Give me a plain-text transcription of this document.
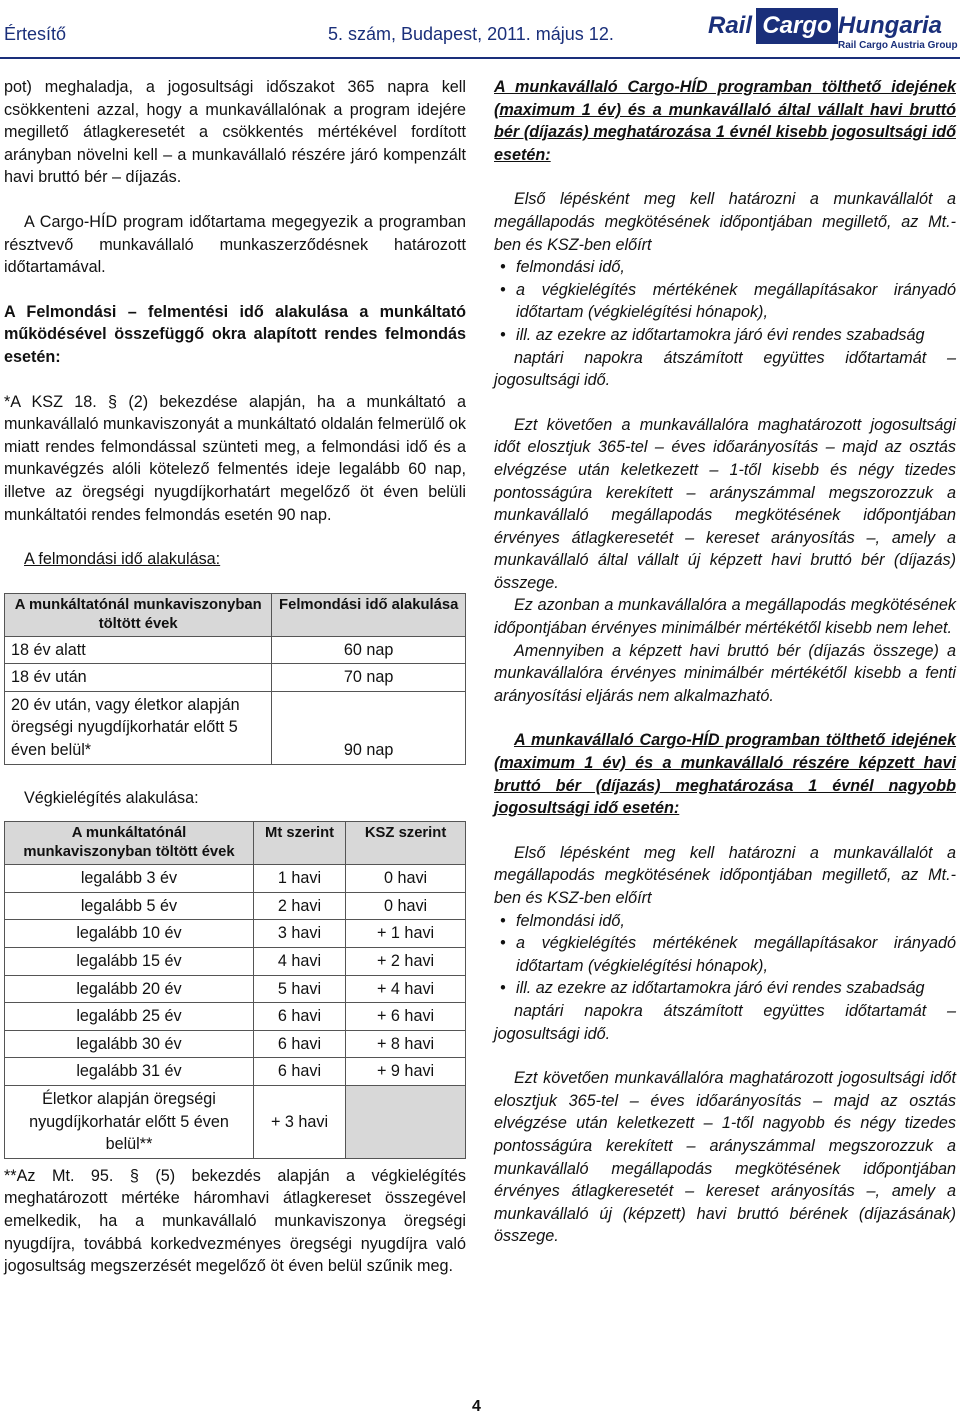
Értesítő	5. szám, Budapest, 2011. május 12.	Rail Cargo Hungaria
Rail Cargo Austria Group

pot) meghaladja, a jogosultsági időszakot 365 napra kell csökkenteni azzal, hogy a munkavállalónak a program idejére megillető átlagkeresetét a csökkentés mértékével fordított arányban növelni kell – a munkavállaló részére járó kompenzált havi bruttó bér – díjazás.

A Cargo-HÍD program időtartama megegyezik a programban résztvevő munkavállaló munkaszerződésnek határozott időtartamával.

A Felmondási – felmentési idő alakulása a munkáltató működésével összefüggő okra alapított rendes felmondás esetén:

*A KSZ 18. § (2) bekezdése alapján, ha a munkáltató a munkavállaló munkaviszonyát a munkáltató oldalán felmerülő ok miatt rendes felmondással szünteti meg, a felmondási idő és a munkavégzés alóli kötelező felmentés ideje legalább 60 nap, illetve az öregségi nyugdíjkorhatárt megelőző öt éven belüli munkáltatói rendes felmondás esetén 90 nap.

A felmondási idő alakulása:

A munkáltatónál munkaviszonyban töltött évek	Felmondási idő alakulása
18 év alatt	60 nap
18 év után	70 nap
20 év után, vagy életkor alapján öregségi nyugdíjkorhatár előtt 5 éven belül*	90 nap

Végkielégítés alakulása:

A munkáltatónál munkaviszonyban töltött évek	Mt szerint	KSZ szerint
legalább 3 év	1 havi	0 havi
legalább 5 év	2 havi	0 havi
legalább 10 év	3 havi	+ 1 havi
legalább 15 év	4 havi	+ 2 havi
legalább 20 év	5 havi	+ 4 havi
legalább 25 év	6 havi	+ 6 havi
legalább 30 év	6 havi	+ 8 havi
legalább 31 év	6 havi	+ 9 havi
Életkor alapján öregségi nyugdíjkorhatár előtt 5 éven belül**	+ 3 havi	

**Az Mt. 95. § (5) bekezdés alapján a végkielégítés meghatározott mértéke háromhavi átlagkereset összegével emelkedik, ha a munkavállaló munkaviszonya öregségi nyugdíjra, továbbá korkedvezményes öregségi nyugdíjra való jogosultság megszerzését megelőző öt éven belül szűnik meg.

A munkavállaló Cargo-HÍD programban tölthető idejének (maximum 1 év) és a munkavállaló által vállalt havi bruttó bér (díjazás) meghatározása 1 évnél kisebb jogosultsági idő esetén:

Első lépésként meg kell határozni a munkavállalót a megállapodás megkötésének időpontjában megillető, az Mt.-ben és KSZ-ben előírt

• felmondási idő,
• a végkielégítés mértékének megállapításakor irányadó időtartam (végkielégítési hónapok),
• ill. az ezekre az időtartamokra járó évi rendes szabadság

naptári napokra átszámított együttes időtartamát – jogosultsági idő.

Ezt követően a munkavállalóra maghatározott jogosultsági időt elosztjuk 365-tel – éves időarányosítás – majd az osztás elvégzése után keletkezett – 1-től kisebb és négy tizedes pontosságúra kerekített – arányszámmal megszorozzuk a munkavállaló megállapodás megkötésének időpontjában érvényes átlagkeresetét – kereset arányosítás –, amely a munkavállaló által vállalt új képzett havi bruttó bér (díjazás) összege.

Ez azonban a munkavállalóra a megállapodás megkötésének időpontjában érvényes minimálbér mértékétől kisebb nem lehet.

Amennyiben a képzett havi bruttó bér (díjazás összege) a munkavállalóra érvényes minimálbér mértékétől kisebb a fenti arányosítási eljárás nem alkalmazható.

A munkavállaló Cargo-HÍD programban tölthető idejének (maximum 1 év) és a munkavállaló részére képzett havi bruttó bér (díjazás) meghatározása 1 évnél nagyobb jogosultsági idő esetén:

Első lépésként meg kell határozni a munkavállalót a megállapodás megkötésének időpontjában megillető, az Mt.-ben és KSZ-ben előírt

• felmondási idő,
• a végkielégítés mértékének megállapításakor irányadó időtartam (végkielégítési hónapok),
• ill. az ezekre az időtartamokra járó évi rendes szabadság

naptári napokra átszámított együttes időtartamát – jogosultsági idő.

Ezt követően munkavállalóra maghatározott jogosultsági időt elosztjuk 365-tel – éves időarányosítás – majd az osztás elvégzése után keletkezett – 1-től nagyobb és négy tizedes pontosságúra kerekített – arányszámmal megszorozzuk a munkavállaló megállapodás megkötésének időpontjában érvényes átlagkeresetét – kereset arányosítás –, amely a munkavállaló új (képzett) havi bruttó bérének (díjazásának) összege.

4
